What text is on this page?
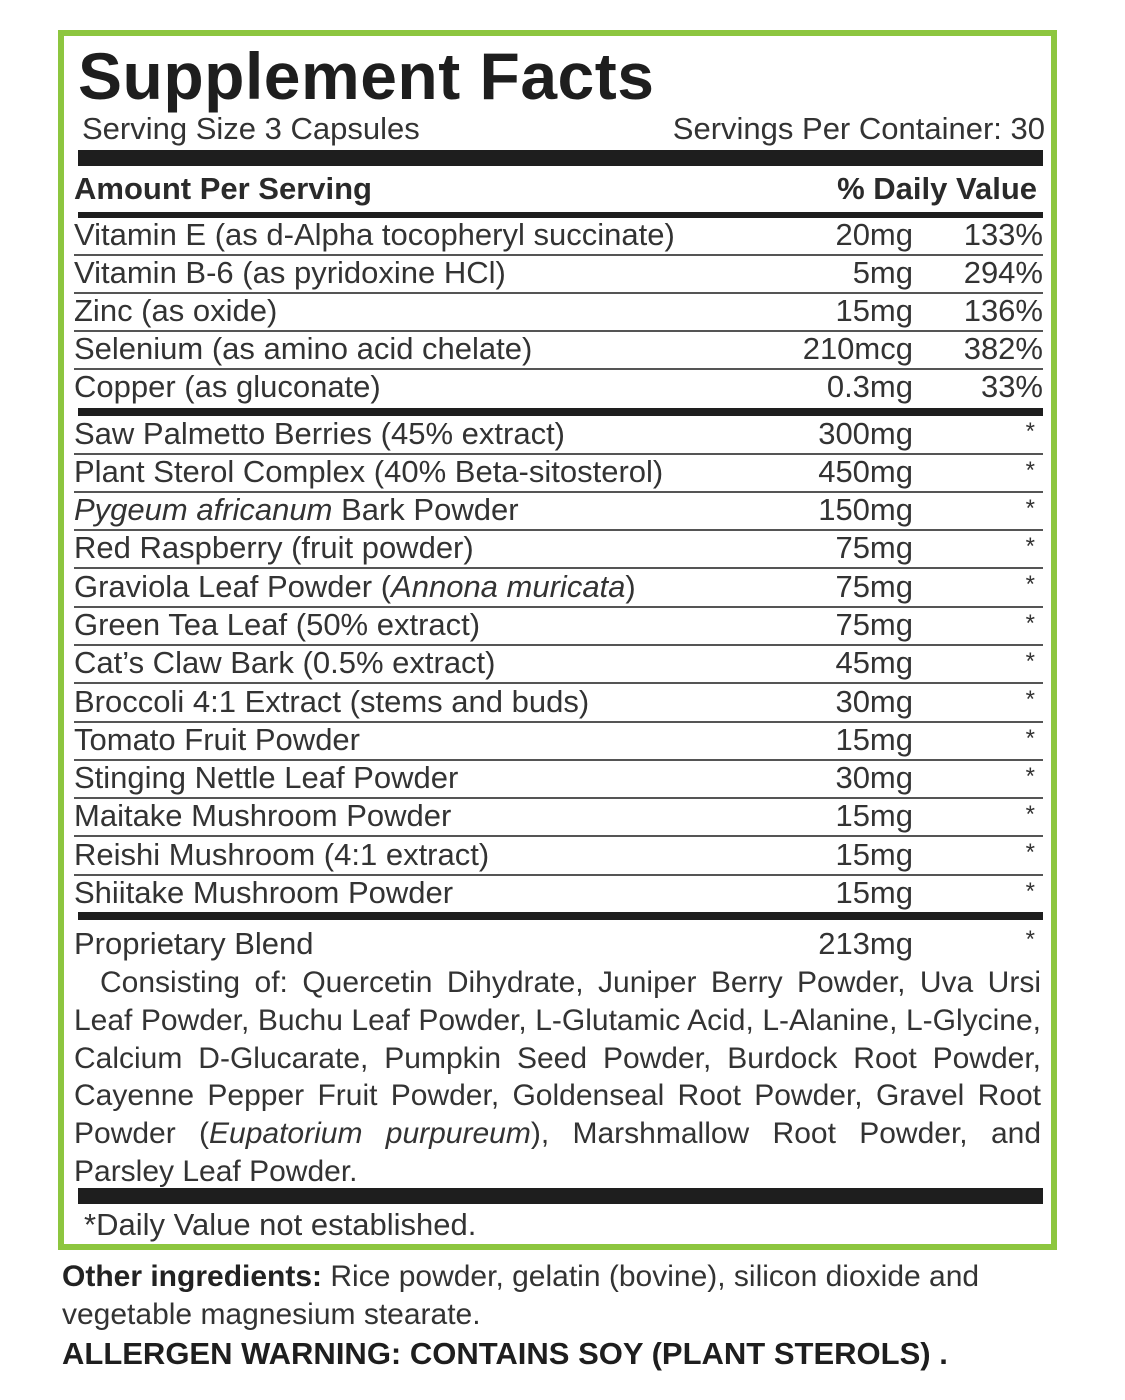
Supplement Facts
Serving Size 3 Capsules	Servings Per Container: 30
Amount Per Serving	% Daily Value
Vitamin E (as d-Alpha tocopheryl succinate)	20mg 133%
Vitamin B-6 (as pyridoxine HCl)	5mg 294%
Zinc (as oxide)	15mg 136%
Selenium (as amino acid chelate)	210mcg 382%
Copper (as gluconate)	0.3mg 33%
Saw Palmetto Berries (45% extract)	300mg	*
Plant Sterol Complex (40% Beta-sitosterol)	450mg	*
Pygeum africanum Bark Powder	150mg	*
Red Raspberry (fruit powder)	75mg	*
Graviola Leaf Powder (Annona muricata)	75mg	*
Green Tea Leaf (50% extract)	75mg	*
Cat’s Claw Bark (0.5% extract)	45mg	*
Broccoli 4:1 Extract (stems and buds)	30mg	*
Tomato Fruit Powder	15mg	*
Stinging Nettle Leaf Powder	30mg	*
Maitake Mushroom Powder	15mg	*
Reishi Mushroom (4:1 extract)	15mg	*
Shiitake Mushroom Powder	15mg	*
Proprietary Blend	213mg	*
Consisting of: Quercetin Dihydrate, Juniper Berry Powder, Uva Ursi Leaf Powder, Buchu Leaf Powder, L-Glutamic Acid, L-Alanine, L-Glycine, Calcium D-Glucarate, Pumpkin Seed Powder, Burdock Root Powder, Cayenne Pepper Fruit Powder, Goldenseal Root Powder, Gravel Root Powder (Eupatorium purpureum), Marshmallow Root Powder, and Parsley Leaf Powder.
*Daily Value not established.
Other ingredients: Rice powder, gelatin (bovine), silicon dioxide and vegetable magnesium stearate.
ALLERGEN WARNING: CONTAINS SOY (PLANT STEROLS) .
